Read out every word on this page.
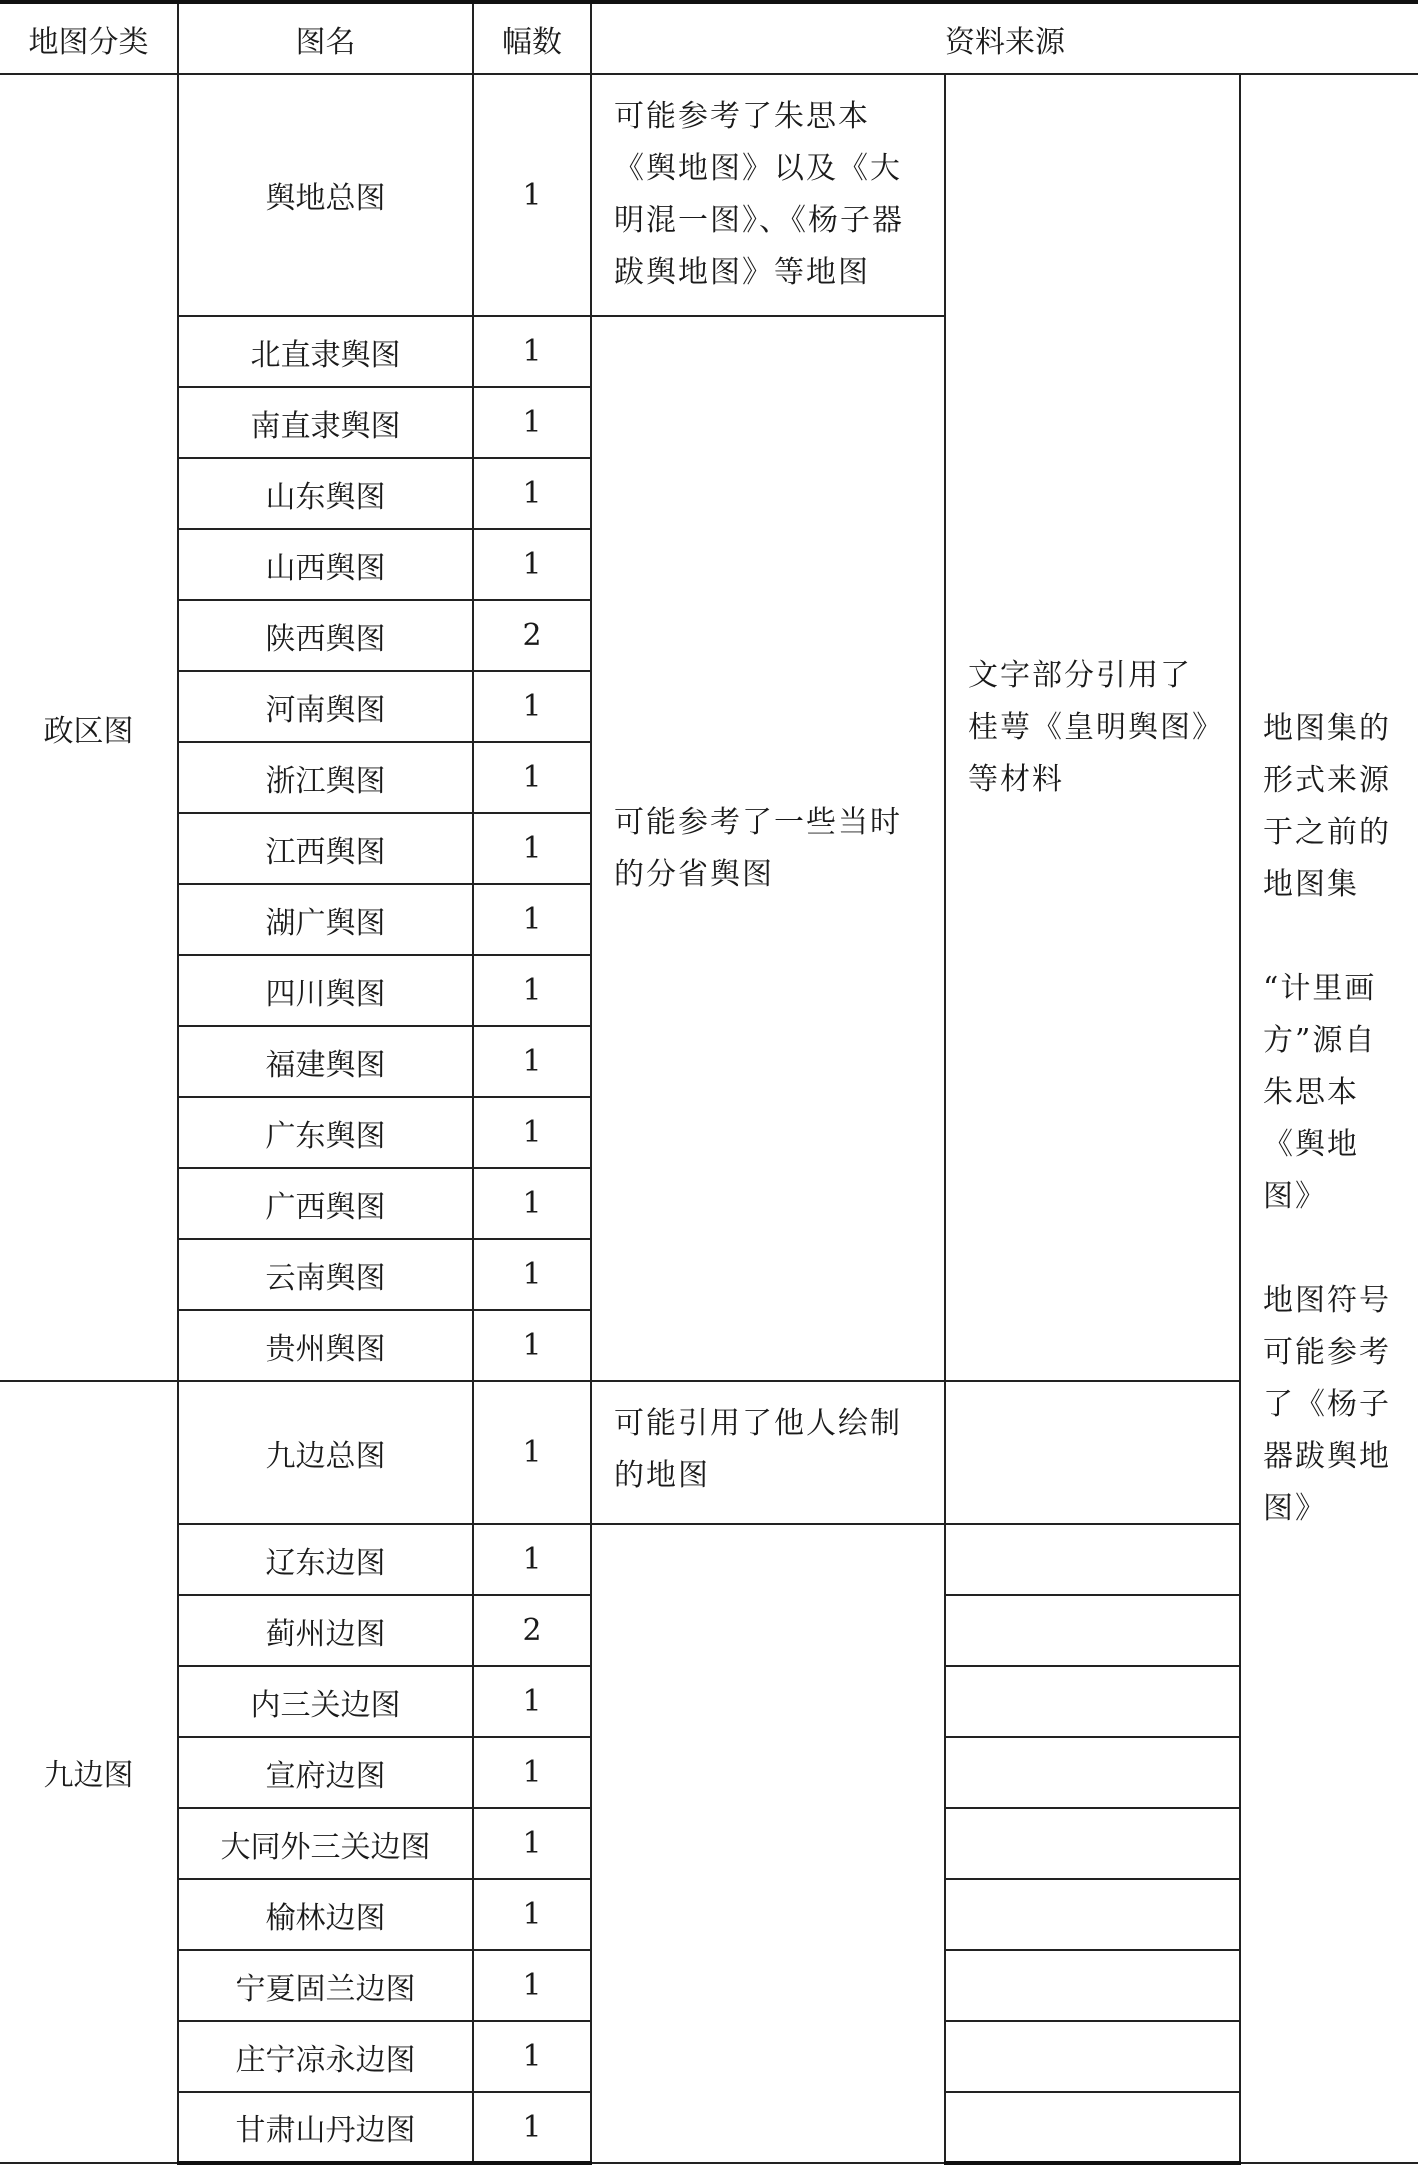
地图分类	图名	幅数	资料来源		
政区图	舆地总图	1	可能参考了朱思本《舆地图》以及《大明混一图》、《杨子器跋舆地图》等地图	文字部分引用了桂萼《皇明舆图》等材料	地图集的形式来源于之前的地图集
“计里画方”源自朱思本《舆地图》
地图符号可能参考了《杨子器跋舆地图》

	北直隶舆图	1	可能参考了一些当时的分省舆图		

	南直隶舆图	1			
	山东舆图	1			
	山西舆图	1			
	陕西舆图	2			
	河南舆图	1			
	浙江舆图	1			
	江西舆图	1			
	湖广舆图	1			
	四川舆图	1			
	福建舆图	1			
	广东舆图	1			
	广西舆图	1			
	云南舆图	1			
	贵州舆图	1			
九边图	九边总图	1	可能引用了他人绘制的地图		

	辽东边图	1			
	蓟州边图	2			
	内三关边图	1			
	宣府边图	1			
	大同外三关边图	1			
	榆林边图	1			
	宁夏固兰边图	1			
	庄宁凉永边图	1			
	甘肃山丹边图	1			
